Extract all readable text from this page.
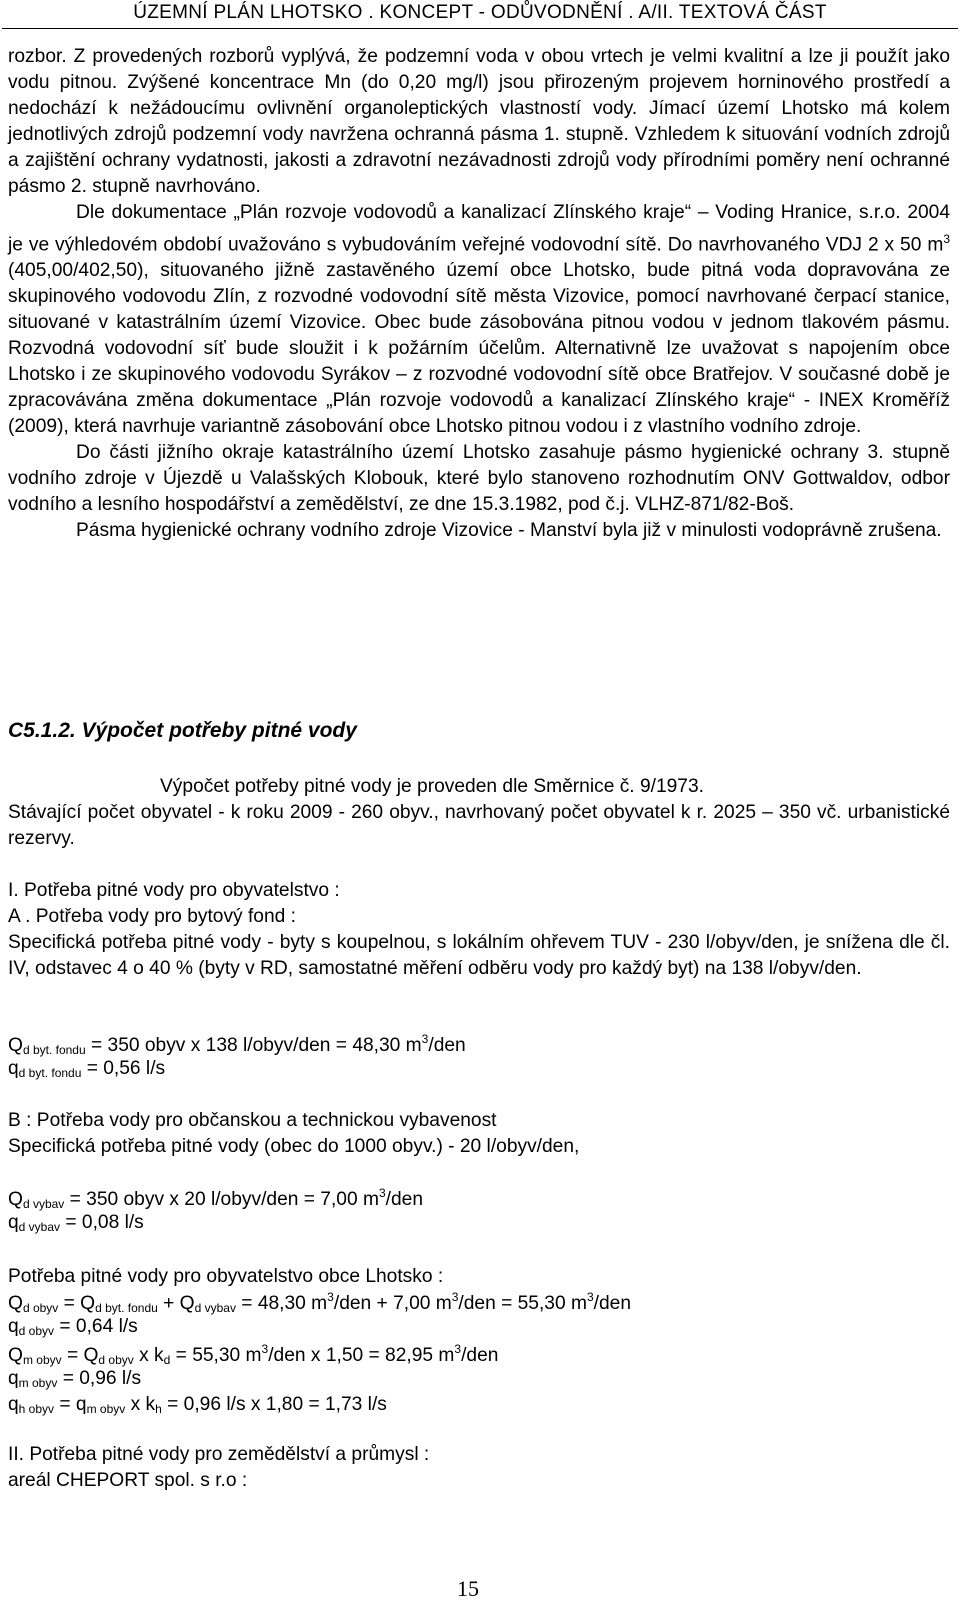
ÚZEMNÍ PLÁN LHOTSKO . KONCEPT - ODŮVODNĚNÍ . A/II. TEXTOVÁ ČÁST

rozbor. Z provedených rozborů vyplývá, že podzemní voda v obou vrtech je velmi kvalitní a lze ji použít jako vodu pitnou. Zvýšené koncentrace Mn (do 0,20 mg/l) jsou přirozeným projevem horninového prostředí a nedochází k nežádoucímu ovlivnění organoleptických vlastností vody. Jímací území Lhotsko má kolem jednotlivých zdrojů podzemní vody navržena ochranná pásma 1. stupně. Vzhledem k situování vodních zdrojů a zajištění ochrany vydatnosti, jakosti a zdravotní nezávadnosti zdrojů vody přírodními poměry není ochranné pásmo 2. stupně navrhováno.

Dle dokumentace „Plán rozvoje vodovodů a kanalizací Zlínského kraje“ – Voding Hranice, s.r.o. 2004 je ve výhledovém období uvažováno s vybudováním veřejné vodovodní sítě. Do navrhovaného VDJ 2 x 50 $m^3$ (405,00/402,50), situovaného jižně zastavěného území obce Lhotsko, bude pitná voda dopravována ze skupinového vodovodu Zlín, z rozvodné vodovodní sítě města Vizovice, pomocí navrhované čerpací stanice, situované v katastrálním území Vizovice. Obec bude zásobována pitnou vodou v jednom tlakovém pásmu. Rozvodná vodovodní síť bude sloužit i k požárním účelům. Alternativně lze uvažovat s napojením obce Lhotsko i ze skupinového vodovodu Syrákov – z rozvodné vodovodní sítě obce Bratřejov. V současné době je zpracovávána změna dokumentace „Plán rozvoje vodovodů a kanalizací Zlínského kraje“ - INEX Kroměříž (2009), která navrhuje variantně zásobování obce Lhotsko pitnou vodou i z vlastního vodního zdroje.

Do části jižního okraje katastrálního území Lhotsko zasahuje pásmo hygienické ochrany 3. stupně vodního zdroje v Újezdě u Valašských Klobouk, které bylo stanoveno rozhodnutím ONV Gottwaldov, odbor vodního a lesního hospodářství a zemědělství, ze dne 15.3.1982, pod č.j. VLHZ-871/82-Boš.

Pásma hygienické ochrany vodního zdroje Vizovice - Manství byla již v minulosti vodoprávně zrušena.

C5.1.2. Výpočet potřeby pitné vody

Výpočet potřeby pitné vody je proveden dle Směrnice č. 9/1973.

Stávající počet obyvatel - k roku 2009 - 260 obyv., navrhovaný počet obyvatel k r. 2025 – 350 vč. urbanistické rezervy.

I. Potřeba pitné vody pro obyvatelstvo :

A . Potřeba vody pro bytový fond :

Specifická potřeba pitné vody - byty s koupelnou, s lokálním ohřevem TUV - 230 l/obyv/den, je snížena dle čl. IV, odstavec 4 o 40 % (byty v RD, samostatné měření odběru vody pro každý byt) na 138 l/obyv/den.

$Q_{d byt. fondu} = 350$ obyv x 138 l/obyv/den = 48,30 $m^3$/den
$q_{d byt. fondu} = 0,56$ l/s

B : Potřeba vody pro občanskou a technickou vybavenost

Specifická potřeba pitné vody (obec do 1000 obyv.) - 20 l/obyv/den,

$Q_{d vybav} = 350$ obyv x 20 l/obyv/den = 7,00 $m^3$/den
$q_{d vybav} = 0,08$ l/s

Potřeba pitné vody pro obyvatelstvo obce Lhotsko :

$Q_{d obyv} = Q_{d byt. fondu} + Q_{d vybav} = 48,30$ $m^3$/den + 7,00 $m^3$/den = 55,30 $m^3$/den
$q_{d obyv} = 0,64$ l/s
$Q_{m obyv} = Q_{d obyv}$ x $k_d = 55,30$ $m^3$/den x 1,50 = 82,95 $m^3$/den
$q_{m obyv} = 0,96$ l/s
$q_{h obyv} = q_{m obyv}$ x $k_h = 0,96$ l/s x 1,80 = 1,73 l/s

II. Potřeba pitné vody pro zemědělství a průmysl :

areál CHEPORT spol. s r.o :

15
